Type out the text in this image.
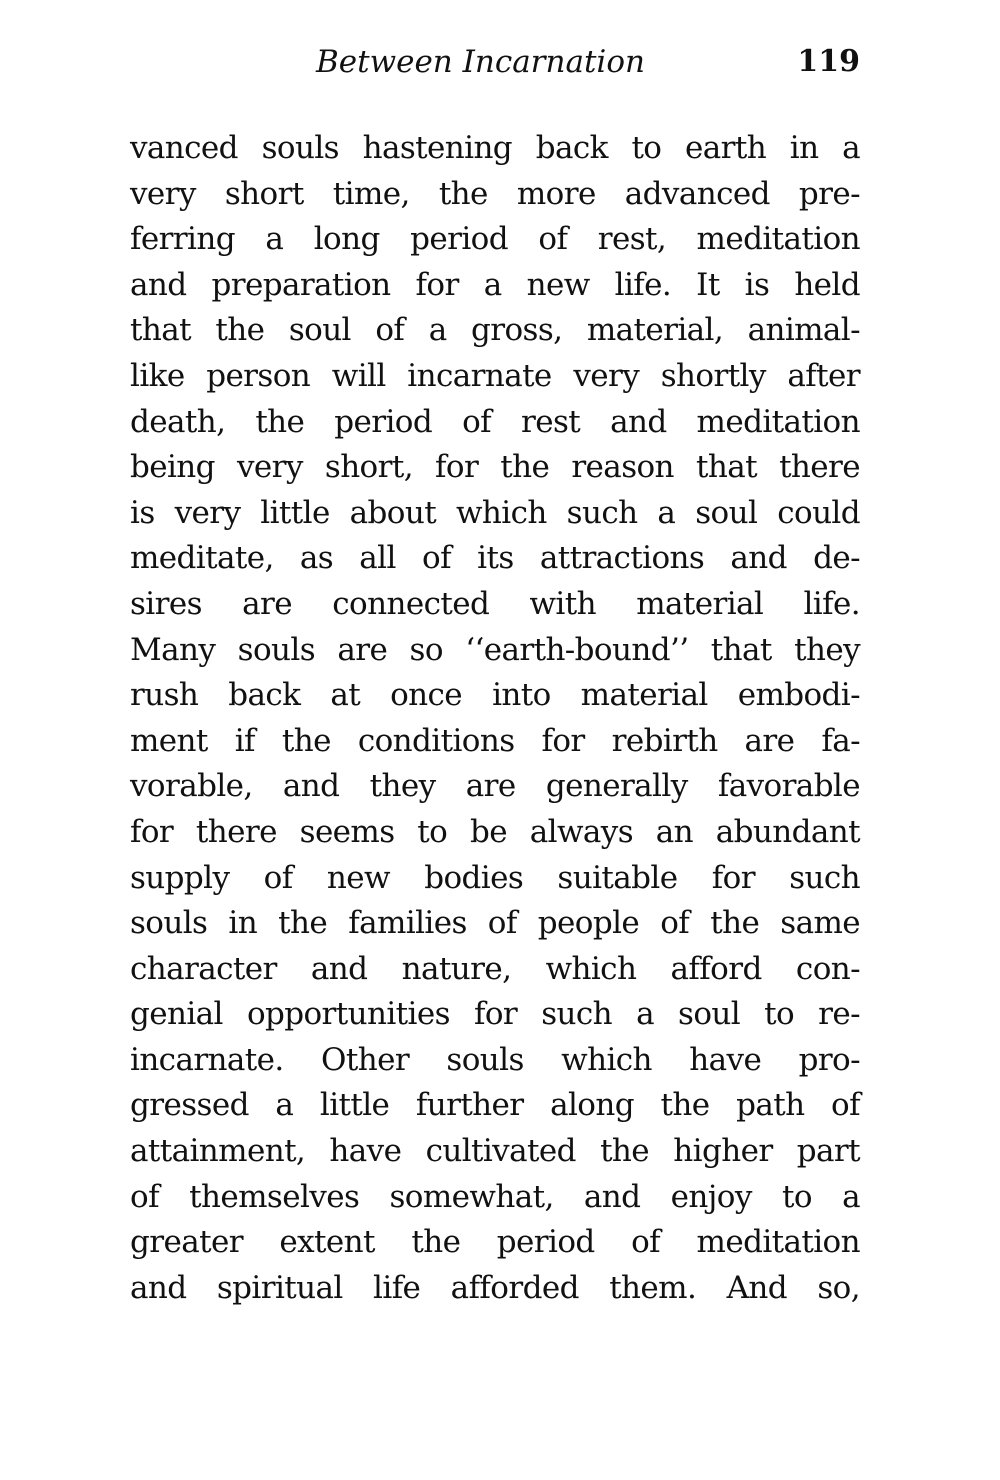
Between Incarnation	119
vanced souls hastening back to earth in a
very short time, the more advanced pre-
ferring a long period of rest, meditation
and preparation for a new life. It is held
that the soul of a gross, material, animal-
like person will incarnate very shortly after
death, the period of rest and meditation
being very short, for the reason that there
is very little about which such a soul could
meditate, as all of its attractions and de-
sires are connected with material life.
Many souls are so ‘‘earth-bound’’ that they
rush back at once into material embodi-
ment if the conditions for rebirth are fa-
vorable, and they are generally favorable
for there seems to be always an abundant
supply of new bodies suitable for such
souls in the families of people of the same
character and nature, which afford con-
genial opportunities for such a soul to re-
incarnate. Other souls which have pro-
gressed a little further along the path of
attainment, have cultivated the higher part
of themselves somewhat, and enjoy to a
greater extent the period of meditation
and spiritual life afforded them. And so,
